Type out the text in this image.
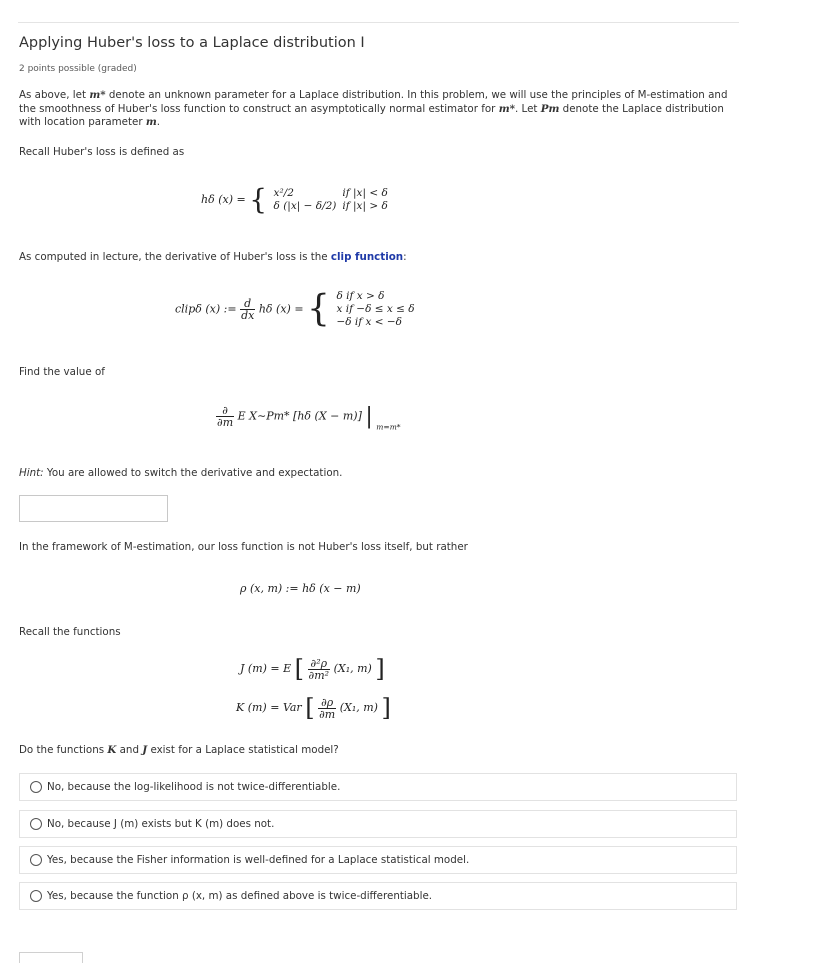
Applying Huber's loss to a Laplace distribution I
2 points possible (graded)
As above, let m* denote an unknown parameter for a Laplace distribution. In this problem, we will use the principles of M-estimation and the smoothness of Huber's loss function to construct an asymptotically normal estimator for m*. Let Pm denote the Laplace distribution with location parameter m.
Recall Huber's loss is defined as
hδ (x) = { x²/2	if |x| < δ
δ (|x| − δ/2)	if |x| > δ
As computed in lecture, the derivative of Huber's loss is the clip function:
clipδ (x) := $\frac{d}{dx}$ hδ (x) = { δ if x > δ
x if −δ ≤ x ≤ δ
−δ if x < −δ
Find the value of
$\frac{\partial}{\partial m}$ E X∼Pm* [hδ (X − m)] | $_{m=m*}$
Hint: You are allowed to switch the derivative and expectation.
In the framework of M-estimation, our loss function is not Huber's loss itself, but rather
ρ (x, m) := hδ (x − m)
Recall the functions
J (m) = E [ $\frac{\text{∂²ρ}}{\text{∂m²}} (X_1$, m) ]
K (m) = Var [ $\frac{\partial\rho}{\partial m} (X_1$, m) ]
Do the functions K and J exist for a Laplace statistical model?
No, because the log-likelihood is not twice-differentiable.
No, because J (m) exists but K (m) does not.
Yes, because the Fisher information is well-defined for a Laplace statistical model.
Yes, because the function ρ (x, m) as defined above is twice-differentiable.
